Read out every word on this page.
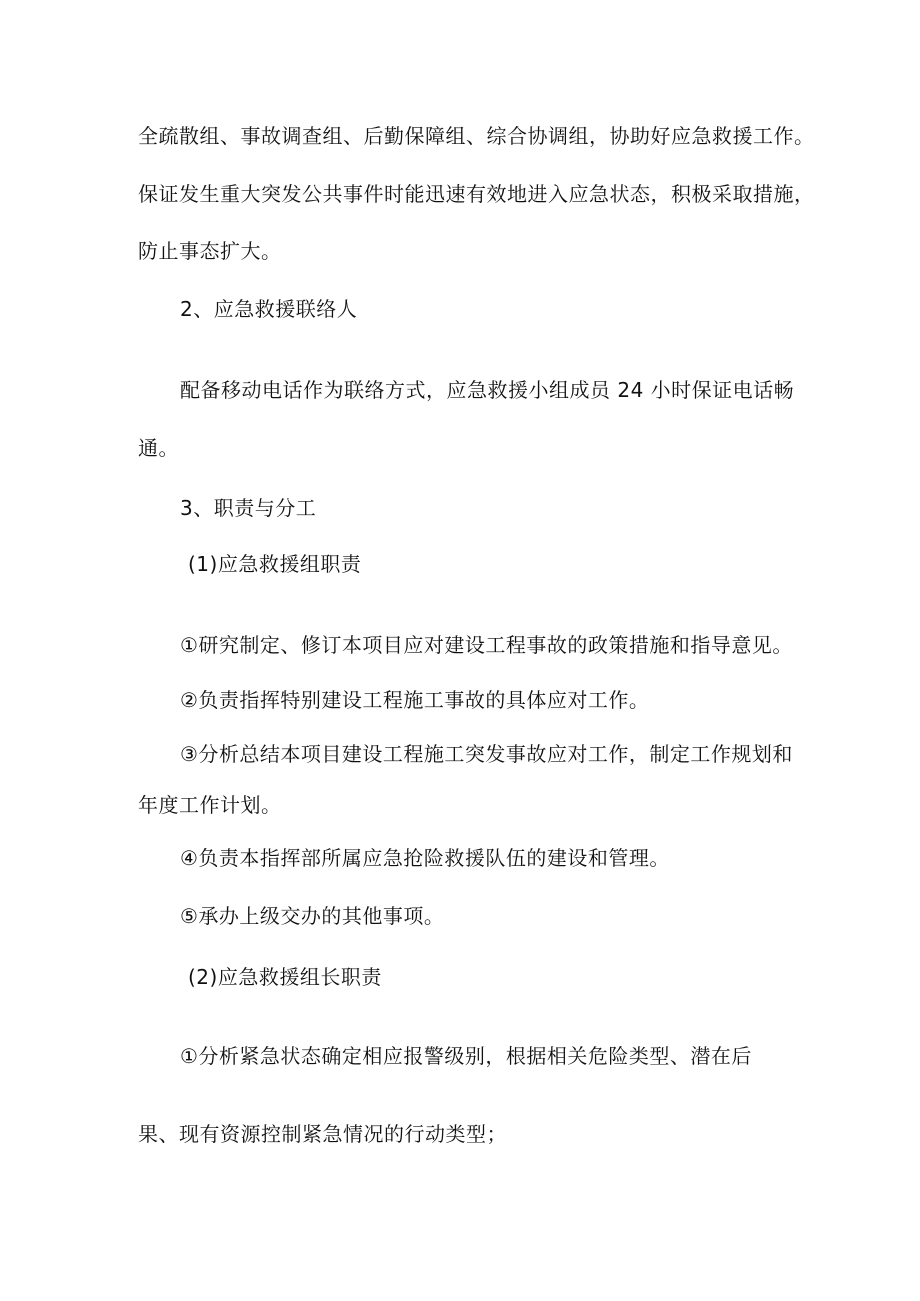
全疏散组、事故调查组、后勤保障组、综合协调组，协助好应急救援工作。
保证发生重大突发公共事件时能迅速有效地进入应急状态，积极采取措施，
防止事态扩大。
2、应急救援联络人
配备移动电话作为联络方式，应急救援小组成员 24 小时保证电话畅
通。
3、职责与分工
(1)应急救援组职责
①研究制定、修订本项目应对建设工程事故的政策措施和指导意见。
②负责指挥特别建设工程施工事故的具体应对工作。
③分析总结本项目建设工程施工突发事故应对工作，制定工作规划和
年度工作计划。
④负责本指挥部所属应急抢险救援队伍的建设和管理。
⑤承办上级交办的其他事项。
(2)应急救援组长职责
①分析紧急状态确定相应报警级别，根据相关危险类型、潜在后
果、现有资源控制紧急情况的行动类型；
